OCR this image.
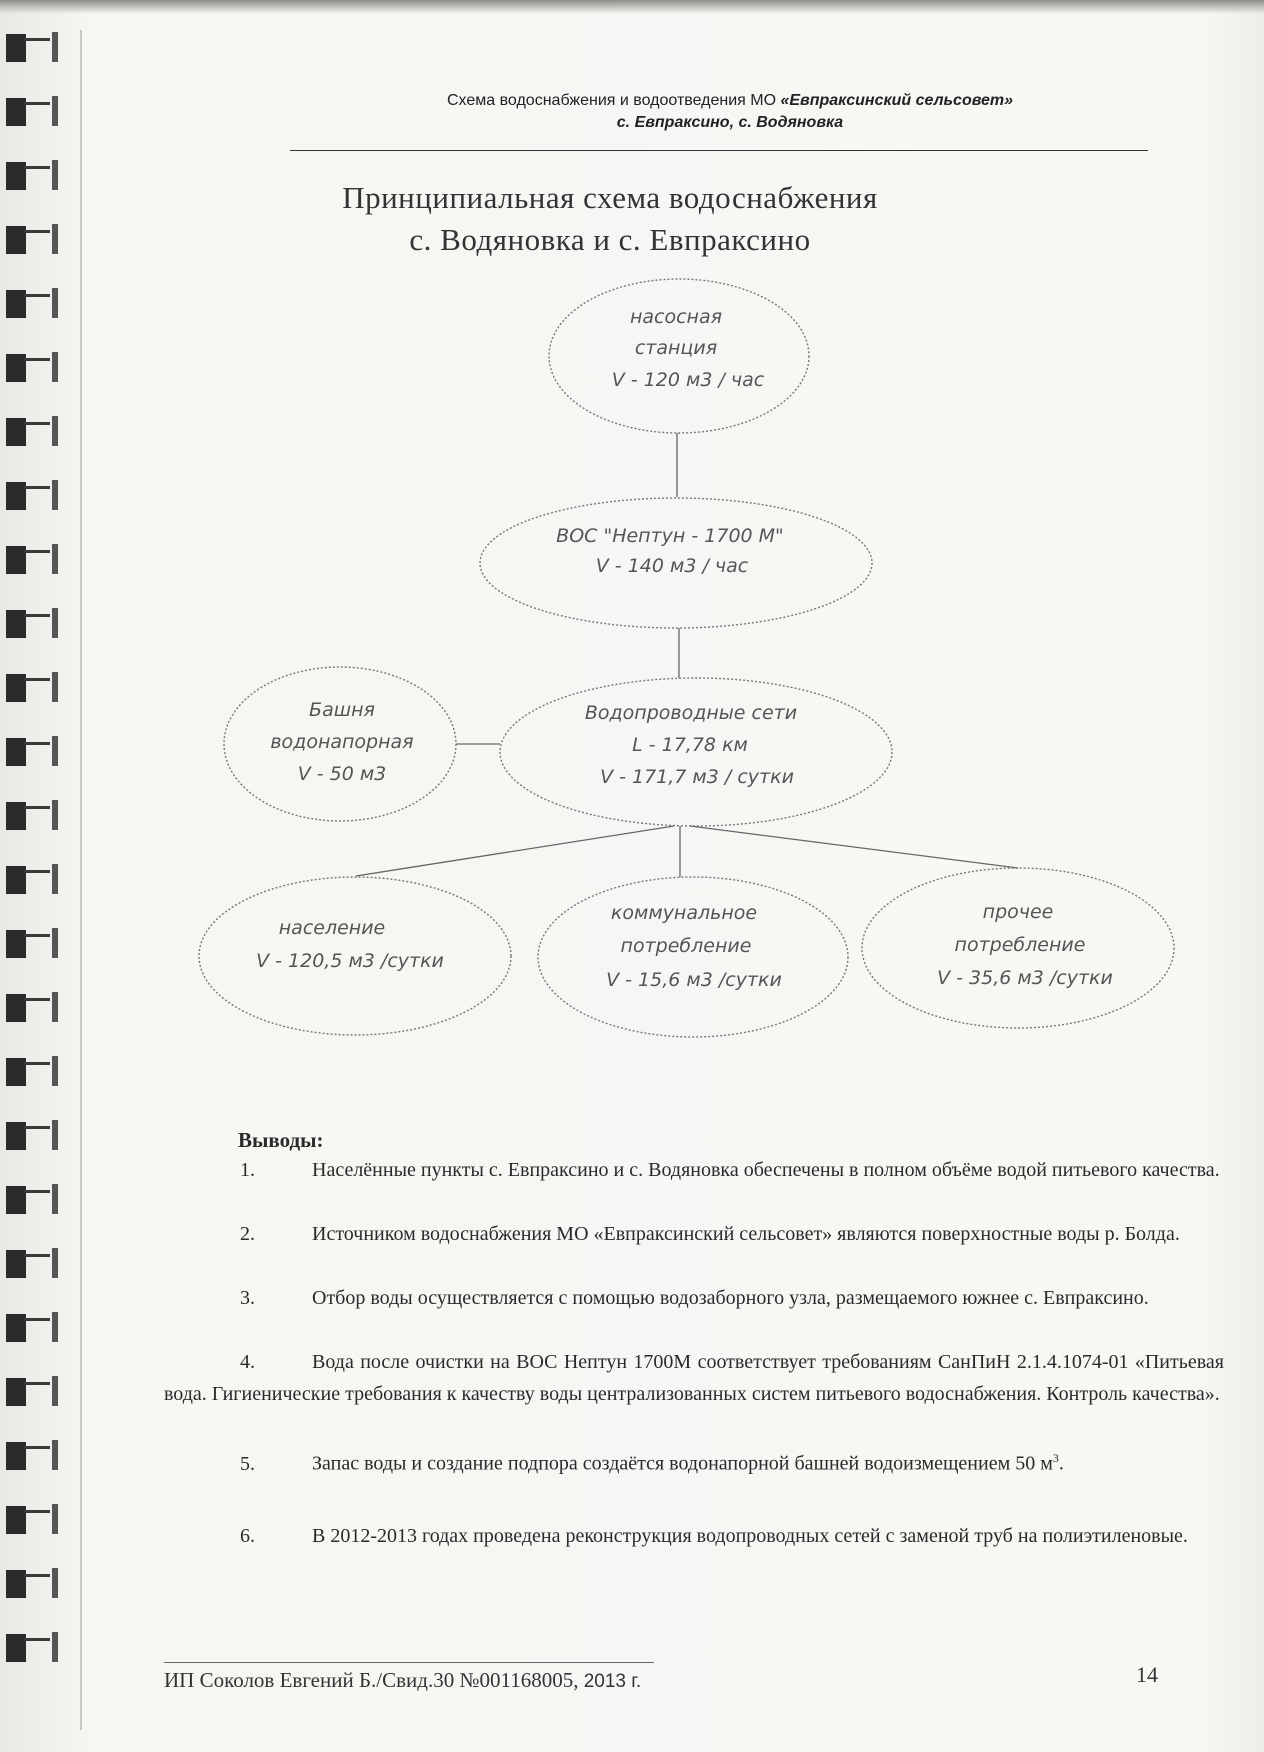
Схема водоснабжения и водоотведения МО «Евпраксинский сельсовет»
с. Евпраксино, с. Водяновка
Принципиальная схема водоснабжения
с. Водяновка и с. Евпраксино
насосная
станция
V - 120 м3 / час
ВОС "Нептун - 1700 М"
V - 140 м3 / час
Башня
водонапорная
V - 50 м3
Водопроводные сети
L - 17,78 км
V - 171,7 м3 / сутки
население
V - 120,5 м3 /сутки
коммунальное
потребление
V - 15,6 м3 /сутки
прочее
потребление
V - 35,6 м3 /сутки
Выводы:
1.	Населённые пункты с. Евпраксино и с. Водяновка обеспечены в полном объёме водой питьевого качества.
2.	Источником водоснабжения МО «Евпраксинский сельсовет» являются поверхностные воды р. Болда.
3.	Отбор воды осуществляется с помощью водозаборного узла, размещаемого южнее с. Евпраксино.
4.	Вода после очистки на ВОС Нептун 1700М соответствует требованиям СанПиН 2.1.4.1074-01 «Питьевая вода. Гигиенические требования к качеству воды централизованных систем питьевого водоснабжения. Контроль качества».
5.	Запас воды и создание подпора создаётся водонапорной башней водоизмещением 50 $м^3$.
6.	В 2012-2013 годах проведена реконструкция водопроводных сетей с заменой труб на полиэтиленовые.
ИП Соколов Евгений Б./Свид.30 №001168005, 2013 г.	14
